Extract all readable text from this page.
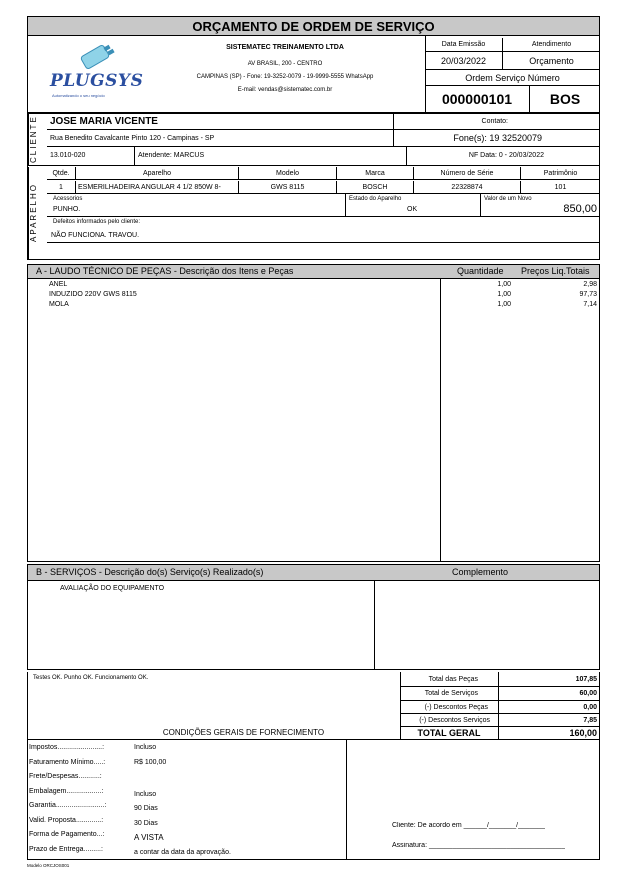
ORÇAMENTO DE ORDEM DE SERVIÇO
PLUGSYS
Automatizando o seu negócio
SISTEMATEC TREINAMENTO LTDA
AV BRASIL, 200 - CENTRO
CAMPINAS (SP) - Fone: 19-3252-0079 - 19-9999-5555 WhatsApp
E-mail: vendas@sistematec.com.br
Data Emissão	Atendimento
20/03/2022	Orçamento
Ordem Serviço Número
000000101	BOS
CLIENTE	JOSE MARIA VICENTE	Contato:
Rua Benedito Cavalcante Pinto 120 - Campinas - SP	Fone(s): 19 32520079
13.010-020	Atendente: MARCUS	NF Data: 0 - 20/03/2022
APARELHO
Qtde.	Aparelho	Modelo	Marca	Número de Série	Patrimônio
1	ESMERILHADEIRA ANGULAR 4 1/2 850W 8-	GWS 8115	BOSCH	22328874	101
Acessorios
PUNHO.
Estado do Aparelho
OK
Valor de um Novo
850,00
Defeitos informados pelo cliente:
NÃO FUNCIONA. TRAVOU.
A - LAUDO TÉCNICO DE PEÇAS - Descrição dos Itens e Peças	Quantidade Preços Liq.Totais
ANEL	1,00	2,98
INDUZIDO 220V GWS 8115	1,00	97,73
MOLA	1,00	7,14
B - SERVIÇOS - Descrição do(s) Serviço(s) Realizado(s)	Complemento
AVALIAÇÃO DO EQUIPAMENTO
Testes OK. Punho OK. Funcionamento OK.	Total das Peças	107,85
Total de Serviços	60,00
(-) Descontos Peças	0,00
(-) Descontos Serviços	7,85
TOTAL GERAL	160,00
CONDIÇÕES GERAIS DE FORNECIMENTO
Impostos.......................:	Incluso
Faturamento Mínimo.....:	R$ 100,00
Frete/Despesas...........:
Embalagem..................:	Incluso
Garantia.........................:	90 Dias
Valid. Proposta.............:	30 Dias
Forma de Pagamento...:	A VISTA
Prazo de Entrega.........:	a contar da data da aprovação.
Cliente: De acordo em ______/_______/_______
Assinatura: ___________________________________
Modelo ORCJOS001
